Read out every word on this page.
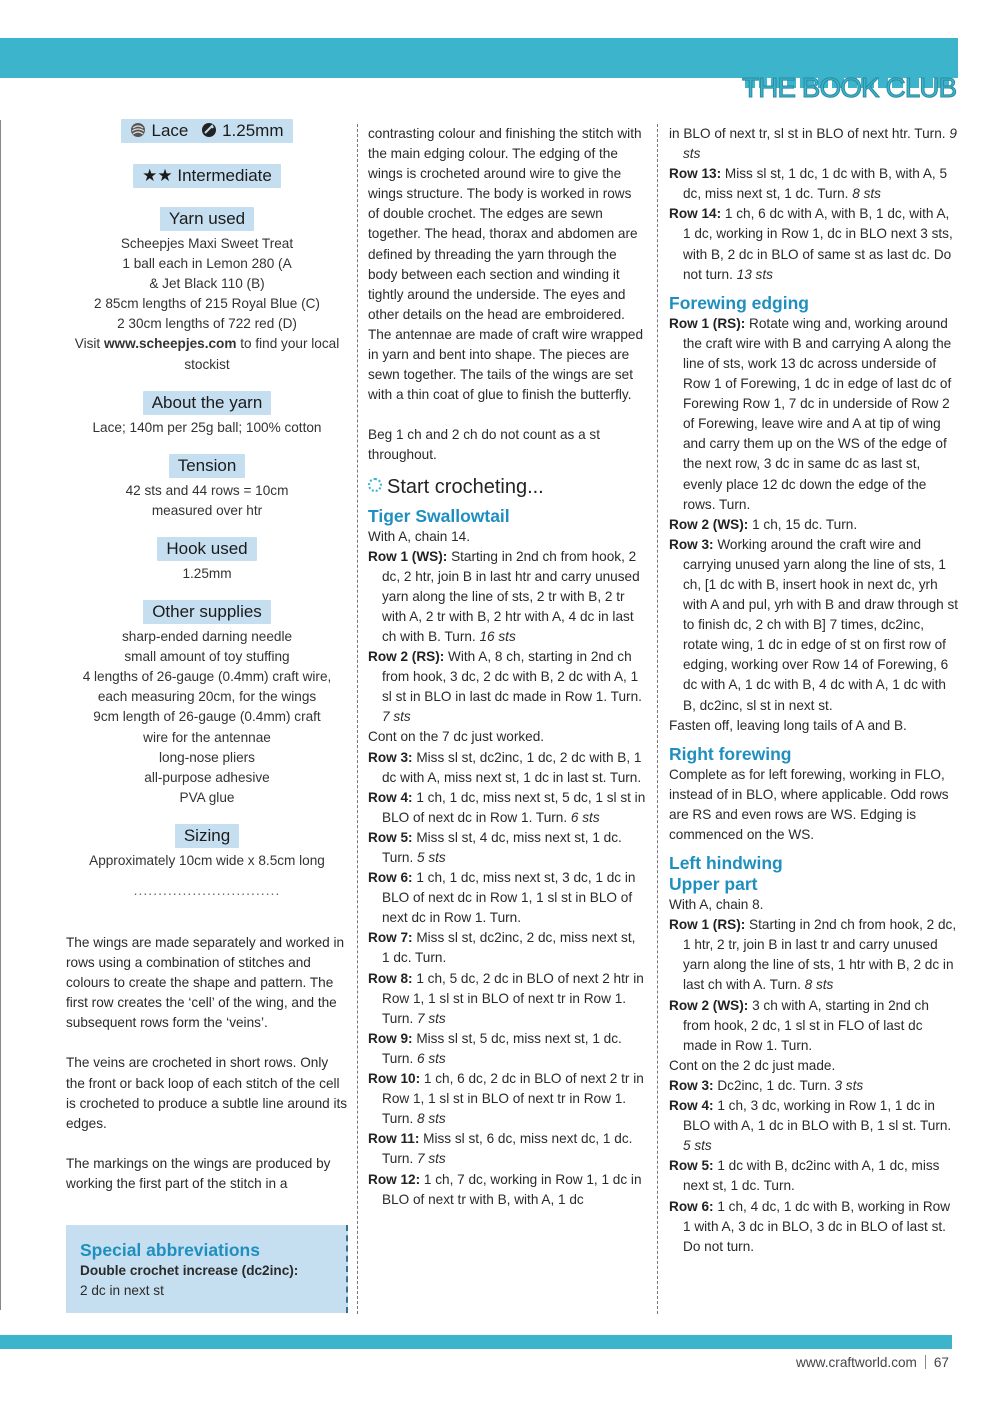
THE BOOK CLUB
Lace 1.25mm
★★ Intermediate
Yarn used
Scheepjes Maxi Sweet Treat
1 ball each in Lemon 280 (A
& Jet Black 110 (B)
2 85cm lengths of 215 Royal Blue (C)
2 30cm lengths of 722 red (D)
Visit www.scheepjes.com to find your local stockist
About the yarn
Lace; 140m per 25g ball; 100% cotton
Tension
42 sts and 44 rows = 10cm measured over htr
Hook used
1.25mm
Other supplies
sharp-ended darning needle
small amount of toy stuffing
4 lengths of 26-gauge (0.4mm) craft wire, each measuring 20cm, for the wings
9cm length of 26-gauge (0.4mm) craft wire for the antennae
long-nose pliers
all-purpose adhesive
PVA glue
Sizing
Approximately 10cm wide x 8.5cm long
..............................
The wings are made separately and worked in rows using a combination of stitches and colours to create the shape and pattern. The first row creates the ‘cell’ of the wing, and the subsequent rows form the ‘veins’.
The veins are crocheted in short rows. Only the front or back loop of each stitch of the cell is crocheted to produce a subtle line around its edges.
The markings on the wings are produced by working the first part of the stitch in a
Special abbreviations
Double crochet increase (dc2inc):
2 dc in next st
contrasting colour and finishing the stitch with the main edging colour. The edging of the wings is crocheted around wire to give the wings structure. The body is worked in rows of double crochet. The edges are sewn together. The head, thorax and abdomen are defined by threading the yarn through the body between each section and winding it tightly around the underside. The eyes and other details on the head are embroidered. The antennae are made of craft wire wrapped in yarn and bent into shape. The pieces are sewn together. The tails of the wings are set with a thin coat of glue to finish the butterfly.
Beg 1 ch and 2 ch do not count as a st throughout.
Start crocheting...
Tiger Swallowtail
With A, chain 14.
Row 1 (WS): Starting in 2nd ch from hook, 2 dc, 2 htr, join B in last htr and carry unused yarn along the line of sts, 2 tr with B, 2 tr with A, 2 tr with B, 2 htr with A, 4 dc in last ch with B. Turn. 16 sts
Row 2 (RS): With A, 8 ch, starting in 2nd ch from hook, 3 dc, 2 dc with B, 2 dc with A, 1 sl st in BLO in last dc made in Row 1. Turn. 7 sts
Cont on the 7 dc just worked.
Row 3: Miss sl st, dc2inc, 1 dc, 2 dc with B, 1 dc with A, miss next st, 1 dc in last st. Turn.
Row 4: 1 ch, 1 dc, miss next st, 5 dc, 1 sl st in BLO of next dc in Row 1. Turn. 6 sts
Row 5: Miss sl st, 4 dc, miss next st, 1 dc. Turn. 5 sts
Row 6: 1 ch, 1 dc, miss next st, 3 dc, 1 dc in BLO of next dc in Row 1, 1 sl st in BLO of next dc in Row 1. Turn.
Row 7: Miss sl st, dc2inc, 2 dc, miss next st, 1 dc. Turn.
Row 8: 1 ch, 5 dc, 2 dc in BLO of next 2 htr in Row 1, 1 sl st in BLO of next tr in Row 1. Turn. 7 sts
Row 9: Miss sl st, 5 dc, miss next st, 1 dc. Turn. 6 sts
Row 10: 1 ch, 6 dc, 2 dc in BLO of next 2 tr in Row 1, 1 sl st in BLO of next tr in Row 1. Turn. 8 sts
Row 11: Miss sl st, 6 dc, miss next dc, 1 dc. Turn. 7 sts
Row 12: 1 ch, 7 dc, working in Row 1, 1 dc in BLO of next tr with B, with A, 1 dc
in BLO of next tr, sl st in BLO of next htr. Turn. 9 sts
Row 13: Miss sl st, 1 dc, 1 dc with B, with A, 5 dc, miss next st, 1 dc. Turn. 8 sts
Row 14: 1 ch, 6 dc with A, with B, 1 dc, with A, 1 dc, working in Row 1, dc in BLO next 3 sts, with B, 2 dc in BLO of same st as last dc. Do not turn. 13 sts
Forewing edging
Row 1 (RS): Rotate wing and, working around the craft wire with B and carrying A along the line of sts, work 13 dc across underside of Row 1 of Forewing, 1 dc in edge of last dc of Forewing Row 1, 7 dc in underside of Row 2 of Forewing, leave wire and A at tip of wing and carry them up on the WS of the edge of the next row, 3 dc in same dc as last st, evenly place 12 dc down the edge of the rows. Turn.
Row 2 (WS): 1 ch, 15 dc. Turn.
Row 3: Working around the craft wire and carrying unused yarn along the line of sts, 1 ch, [1 dc with B, insert hook in next dc, yrh with A and pul, yrh with B and draw through st to finish dc, 2 ch with B] 7 times, dc2inc, rotate wing, 1 dc in edge of st on first row of edging, working over Row 14 of Forewing, 6 dc with A, 1 dc with B, 4 dc with A, 1 dc with B, dc2inc, sl st in next st.
Fasten off, leaving long tails of A and B.
Right forewing
Complete as for left forewing, working in FLO, instead of in BLO, where applicable. Odd rows are RS and even rows are WS. Edging is commenced on the WS.
Left hindwing
Upper part
With A, chain 8.
Row 1 (RS): Starting in 2nd ch from hook, 2 dc, 1 htr, 2 tr, join B in last tr and carry unused yarn along the line of sts, 1 htr with B, 2 dc in last ch with A. Turn. 8 sts
Row 2 (WS): 3 ch with A, starting in 2nd ch from hook, 2 dc, 1 sl st in FLO of last dc made in Row 1. Turn.
Cont on the 2 dc just made.
Row 3: Dc2inc, 1 dc. Turn. 3 sts
Row 4: 1 ch, 3 dc, working in Row 1, 1 dc in BLO with A, 1 dc in BLO with B, 1 sl st. Turn. 5 sts
Row 5: 1 dc with B, dc2inc with A, 1 dc, miss next st, 1 dc. Turn.
Row 6: 1 ch, 4 dc, 1 dc with B, working in Row 1 with A, 3 dc in BLO, 3 dc in BLO of last st. Do not turn.
www.craftworld.com 67
